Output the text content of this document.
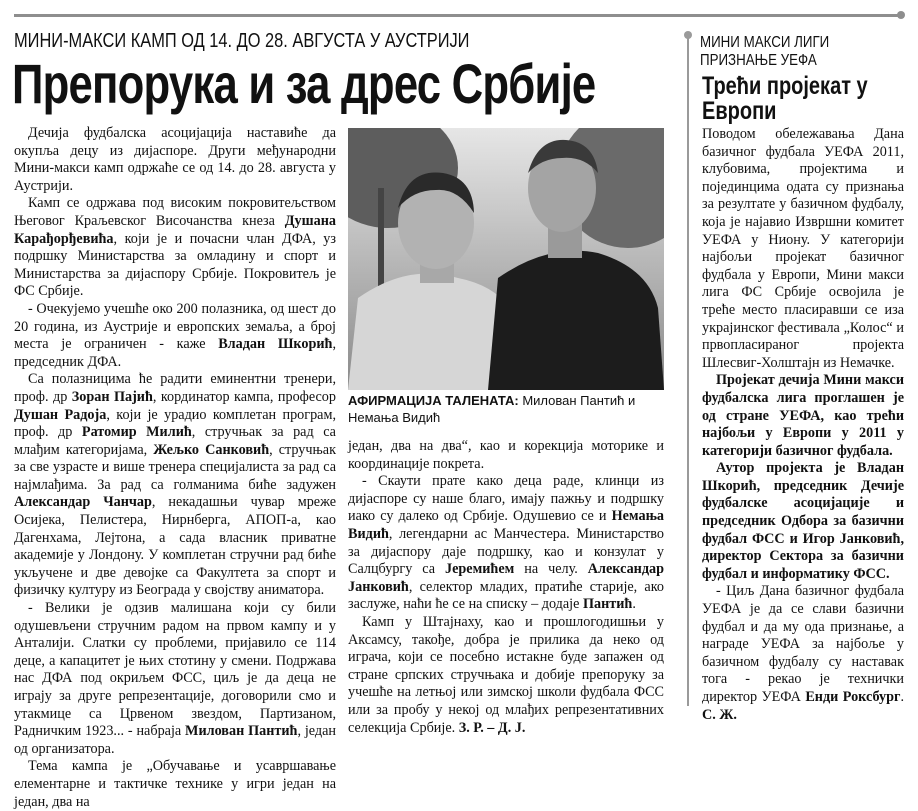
МИНИ-МАКСИ КАМП ОД 14. ДО 28. АВГУСТА У АУСТРИЈИ
Препорука и за дрес Србије

Дечија фудбалска асоцијација наставиће да окупља децу из дијаспоре. Други међународни Мини-макси камп одржаће се од 14. до 28. августа у Аустрији.

Камп се одржава под високим покровитељством Његовог Краљевског Височанства кнеза Душана Карађорђевића, који је и почасни члан ДФА, уз подршку Министарства за омладину и спорт и Министарства за дијаспору Србије. Покровитељ је ФС Србије.

- Очекујемо учешће око 200 полазника, од шест до 20 година, из Аустрије и европских земаља, а број места је ограничен - каже Владан Шкорић, председник ДФА.

Са полазницима ће радити еминентни тренери, проф. др Зоран Пајић, кординатор кампа, професор Душан Радоја, који је урадио комплетан програм, проф. др Ратомир Милић, стручњак за рад са млађим категоријама, Жељко Санковић, стручњак за све узрасте и више тренера специјалиста за рад са најмлађима. За рад са голманима биће задужен Александар Чанчар, некадашњи чувар мреже Осијека, Пелистера, Нирнберга, АПОП-а, као Дагенхама, Лејтона, а сада власник приватне академије у Лондону. У комплетан стручни рад биће укључене и две девојке са Факултета за спорт и физичку културу из Београда у својству аниматора.

- Велики је одзив малишана који су били одушевљени стручним радом на првом кампу и у Анталији. Слатки су проблеми, пријавило се 114 деце, а капацитет је њих стотину у смени. Подржава нас ДФА под окриљем ФСС, циљ је да деца не играју за друге репрезентације, договорили смо и утакмице са Црвеном звездом, Партизаном, Радничким 1923... - набраја Милован Пантић, један од организатора.

Тема кампа је „Обучавање и усавршавање елементарне и тактичке технике у игри један на један, два на

АФИРМАЦИЈА ТАЛЕНАТА: Милован Пантић и Немања Видић

један, два на два“, као и корекција моторике и координације покрета.

- Скаути прате како деца раде, клинци из дијаспоре су наше благо, имају пажњу и подршку иако су далеко од Србије. Одушевио се и Немања Видић, легендарни ас Манчестера. Министарство за дијаспору даје подршку, као и конзулат у Салцбургу са Јеремићем на челу. Александар Јанковић, селектор младих, пратиће старије, ако заслуже, наћи ће се на списку – додаје Пантић.

Камп у Штајнаху, као и прошлогодишњи у Аксамсу, такође, добра је прилика да неко од играча, који се посебно истакне буде запажен од стране српских стручњака и добије препоруку за учешће на летњој или зимској школи фудбала ФСС или за пробу у некој од млађих репрезентативних селекција Србије. З. Р. – Д. Ј.

МИНИ МАКСИ ЛИГИ ПРИЗНАЊЕ УЕФА
Трећи пројекат у Европи

Поводом обележавања Дана базичног фудбала УЕФА 2011, клубовима, пројектима и појединцима одата су признања за резултате у базичном фудбалу, која је најавио Извршни комитет УЕФА у Ниону. У категорији најбољи пројекат базичног фудбала у Европи, Мини макси лига ФС Србије освојила је треће место пласиравши се иза украјинског фестивала „Колос“ и првопласираног пројекта Шлесвиг-Холштајн из Немачке.

Пројекат дечија Мини макси фудбалска лига проглашен је од стране УЕФА, као трећи најбољи у Европи у 2011 у категорији базичног фудбала.

Аутор пројекта је Владан Шкорић, председник Дечије фудбалске асоцијације и председник Одбора за базични фудбал ФСС и Игор Јанковић, директор Сектора за базични фудбал и информатику ФСС.

- Циљ Дана базичног фудбала УЕФА је да се слави базични фудбал и да му ода признање, а награде УЕФА за најбоље у базичном фудбалу су наставак тога - рекао је технички директор УЕФА Енди Роксбург. С. Ж.
